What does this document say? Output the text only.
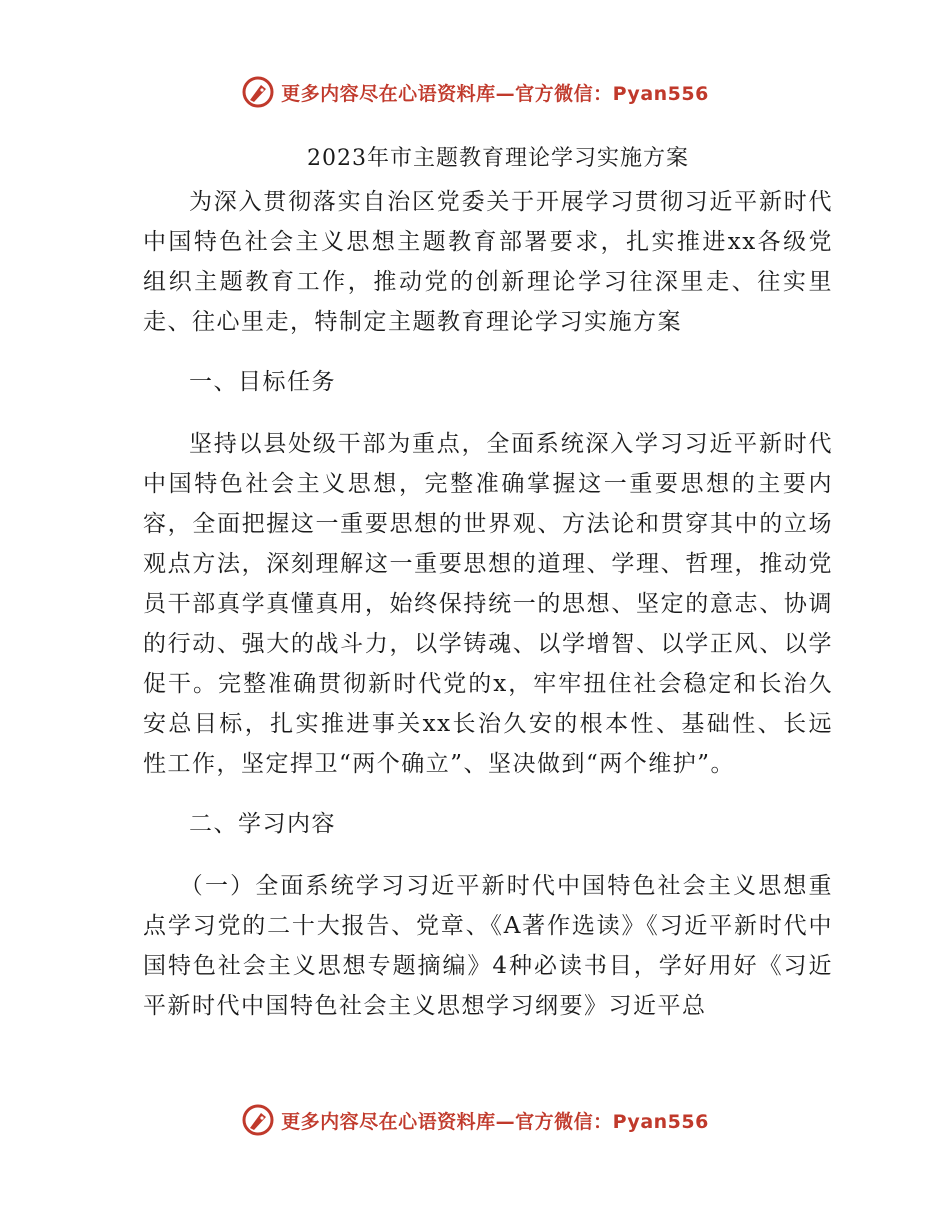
更多内容尽在心语资料库—官方微信：Pyan556
2023年市主题教育理论学习实施方案

为深入贯彻落实自治区党委关于开展学习贯彻习近平新时代中国特色社会主义思想主题教育部署要求，扎实推进xx各级党组织主题教育工作，推动党的创新理论学习往深里走、往实里走、往心里走，特制定主题教育理论学习实施方案

一、目标任务

坚持以县处级干部为重点，全面系统深入学习习近平新时代中国特色社会主义思想，完整准确掌握这一重要思想的主要内容，全面把握这一重要思想的世界观、方法论和贯穿其中的立场观点方法，深刻理解这一重要思想的道理、学理、哲理，推动党员干部真学真懂真用，始终保持统一的思想、坚定的意志、协调的行动、强大的战斗力，以学铸魂、以学增智、以学正风、以学促干。完整准确贯彻新时代党的x，牢牢扭住社会稳定和长治久安总目标，扎实推进事关xx长治久安的根本性、基础性、长远性工作，坚定捍卫“两个确立”、坚决做到“两个维护”。

二、学习内容

（一）全面系统学习习近平新时代中国特色社会主义思想重点学习党的二十大报告、党章、《A著作选读》《习近平新时代中国特色社会主义思想专题摘编》4种必读书目，学好用好《习近平新时代中国特色社会主义思想学习纲要》习近平总

更多内容尽在心语资料库—官方微信：Pyan556
